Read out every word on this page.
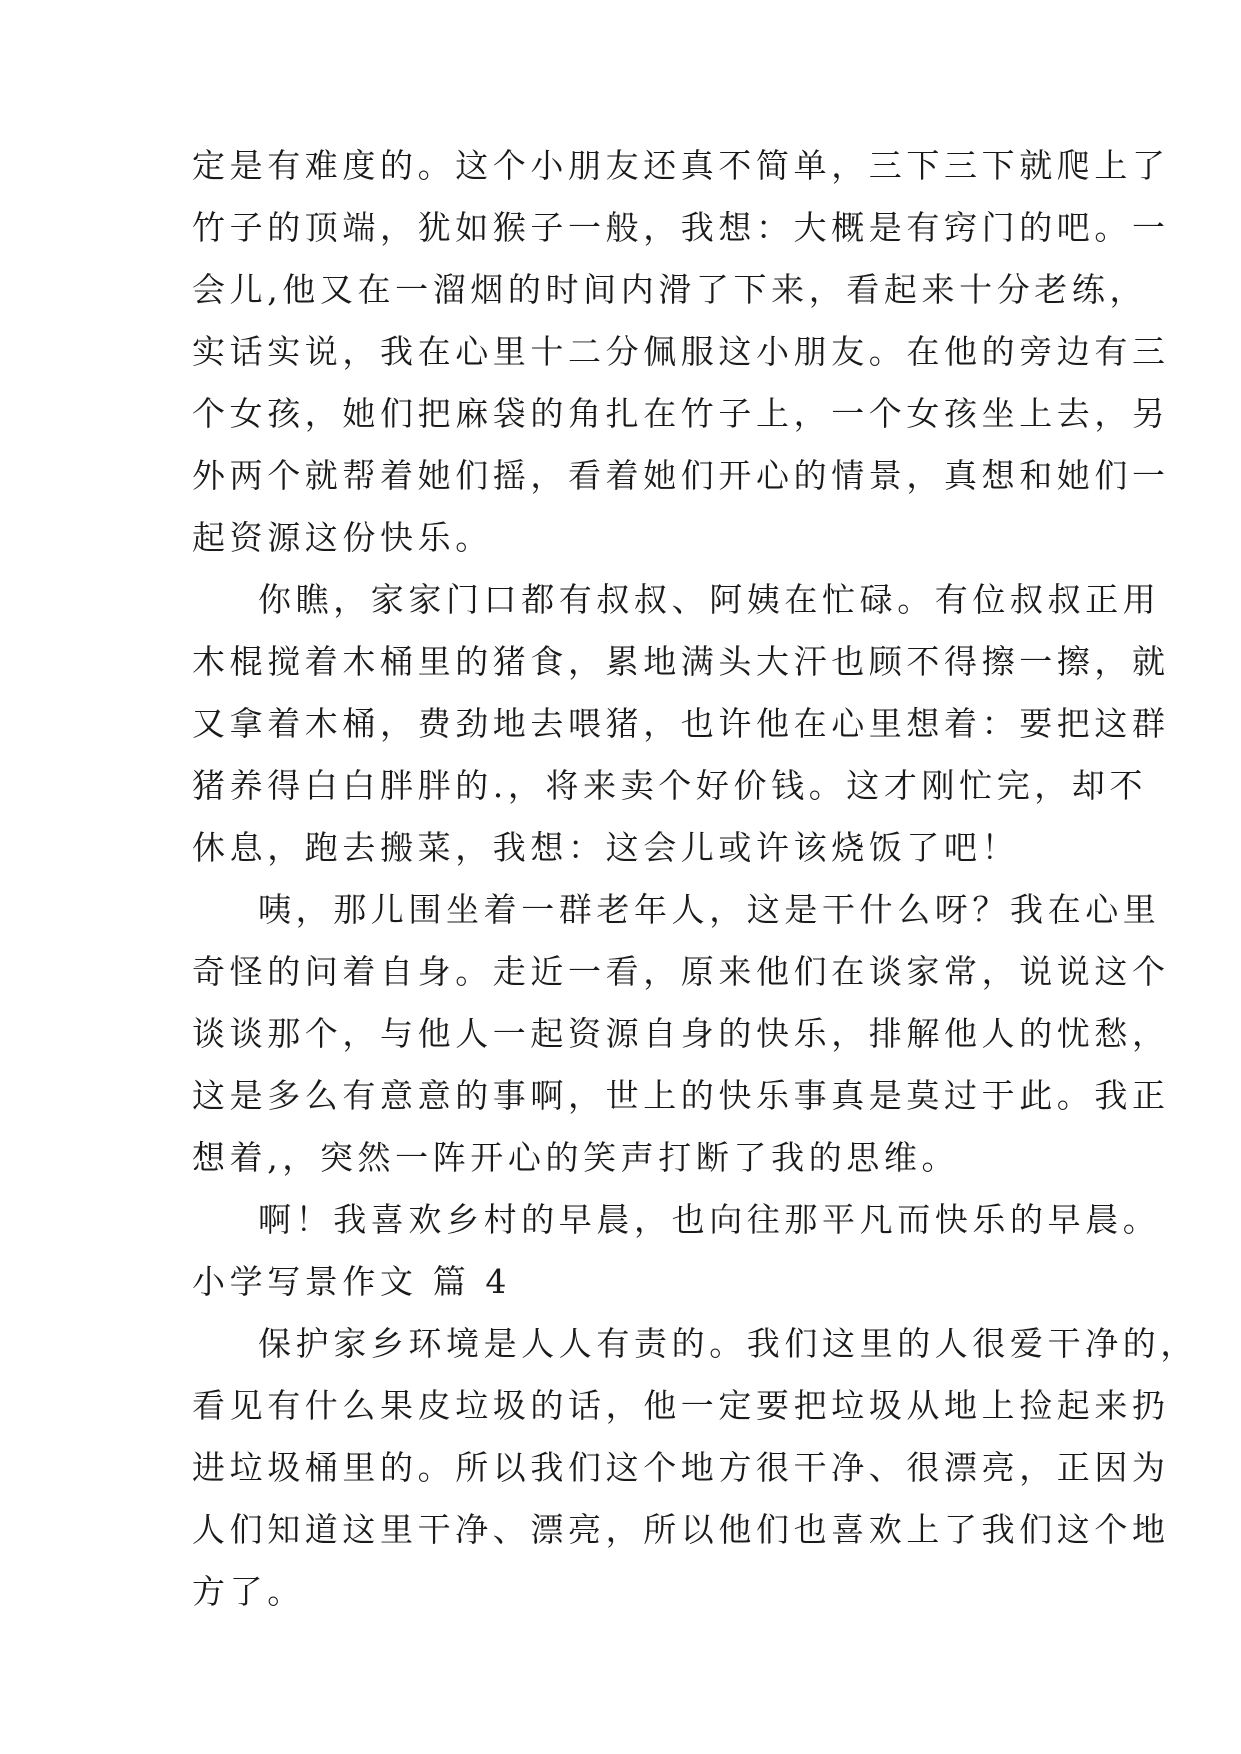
定是有难度的。这个小朋友还真不简单，三下三下就爬上了
竹子的顶端，犹如猴子一般，我想：大概是有窍门的吧。一
会儿,他又在一溜烟的时间内滑了下来，看起来十分老练，
实话实说，我在心里十二分佩服这小朋友。在他的旁边有三
个女孩，她们把麻袋的角扎在竹子上，一个女孩坐上去，另
外两个就帮着她们摇，看着她们开心的情景，真想和她们一
起资源这份快乐。
你瞧，家家门口都有叔叔、阿姨在忙碌。有位叔叔正用
木棍搅着木桶里的猪食，累地满头大汗也顾不得擦一擦，就
又拿着木桶，费劲地去喂猪，也许他在心里想着：要把这群
猪养得白白胖胖的.，将来卖个好价钱。这才刚忙完，却不
休息，跑去搬菜，我想：这会儿或许该烧饭了吧！
咦，那儿围坐着一群老年人，这是干什么呀？我在心里
奇怪的问着自身。走近一看，原来他们在谈家常，说说这个
谈谈那个，与他人一起资源自身的快乐，排解他人的忧愁，
这是多么有意意的事啊，世上的快乐事真是莫过于此。我正
想着,，突然一阵开心的笑声打断了我的思维。
啊！我喜欢乡村的早晨，也向往那平凡而快乐的早晨。
小学写景作文 篇 4
保护家乡环境是人人有责的。我们这里的人很爱干净的，
看见有什么果皮垃圾的话，他一定要把垃圾从地上捡起来扔
进垃圾桶里的。所以我们这个地方很干净、很漂亮，正因为
人们知道这里干净、漂亮，所以他们也喜欢上了我们这个地
方了。
